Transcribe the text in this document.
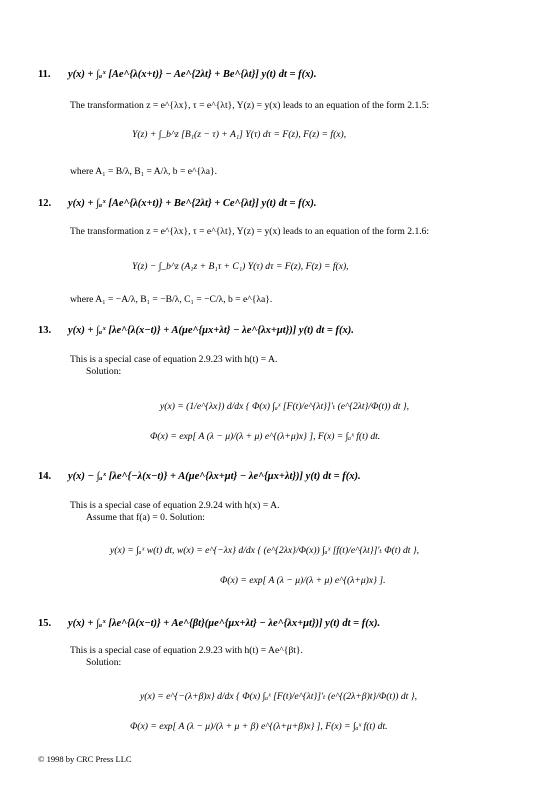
11. y(x) + ∫ₐˣ [Ae^{λ(x+t)} − Ae^{2λt} + Be^{λt}] y(t) dt = f(x).
The transformation z = e^{λx}, τ = e^{λt}, Y(z) = y(x) leads to an equation of the form 2.1.5:
Y(z) + ∫_b^z [B₁(z − τ) + A₁] Y(τ) dτ = F(z), F(z) = f(x),
where A₁ = B/λ, B₁ = A/λ, b = e^{λa}.
12. y(x) + ∫ₐˣ [Ae^{λ(x+t)} + Be^{2λt} + Ce^{λt}] y(t) dt = f(x).
The transformation z = e^{λx}, τ = e^{λt}, Y(z) = y(x) leads to an equation of the form 2.1.6:
Y(z) − ∫_b^z (A₁z + B₁τ + C₁) Y(τ) dτ = F(z), F(z) = f(x),
where A₁ = −A/λ, B₁ = −B/λ, C₁ = −C/λ, b = e^{λa}.
13. y(x) + ∫ₐˣ [λe^{λ(x−t)} + A(μe^{μx+λt} − λe^{λx+μt})] y(t) dt = f(x).
This is a special case of equation 2.9.23 with h(t) = A.
Solution:
y(x) = (1/e^{λx}) d/dx { Φ(x) ∫ₐˣ [F(t)/e^{λt}]′ₜ (e^{2λt}/Φ(t)) dt },
Φ(x) = exp[ A (λ − μ)/(λ + μ) e^{(λ+μ)x} ], F(x) = ∫ₐˣ f(t) dt.
14. y(x) − ∫ₐˣ [λe^{−λ(x−t)} + A(μe^{λx+μt} − λe^{μx+λt})] y(t) dt = f(x).
This is a special case of equation 2.9.24 with h(x) = A.
Assume that f(a) = 0. Solution:
y(x) = ∫ₐˣ w(t) dt, w(x) = e^{−λx} d/dx { (e^{2λx}/Φ(x)) ∫ₐˣ [f(t)/e^{λt}]′ₜ Φ(t) dt },
Φ(x) = exp[ A (λ − μ)/(λ + μ) e^{(λ+μ)x} ].
15. y(x) + ∫ₐˣ [λe^{λ(x−t)} + Ae^{βt}(μe^{μx+λt} − λe^{λx+μt})] y(t) dt = f(x).
This is a special case of equation 2.9.23 with h(t) = Ae^{βt}.
Solution:
y(x) = e^{−(λ+β)x} d/dx { Φ(x) ∫ₐˣ [F(t)/e^{λt}]′ₜ (e^{(2λ+β)t}/Φ(t)) dt },
Φ(x) = exp[ A (λ − μ)/(λ + μ + β) e^{(λ+μ+β)x} ], F(x) = ∫ₐˣ f(t) dt.
© 1998 by CRC Press LLC
